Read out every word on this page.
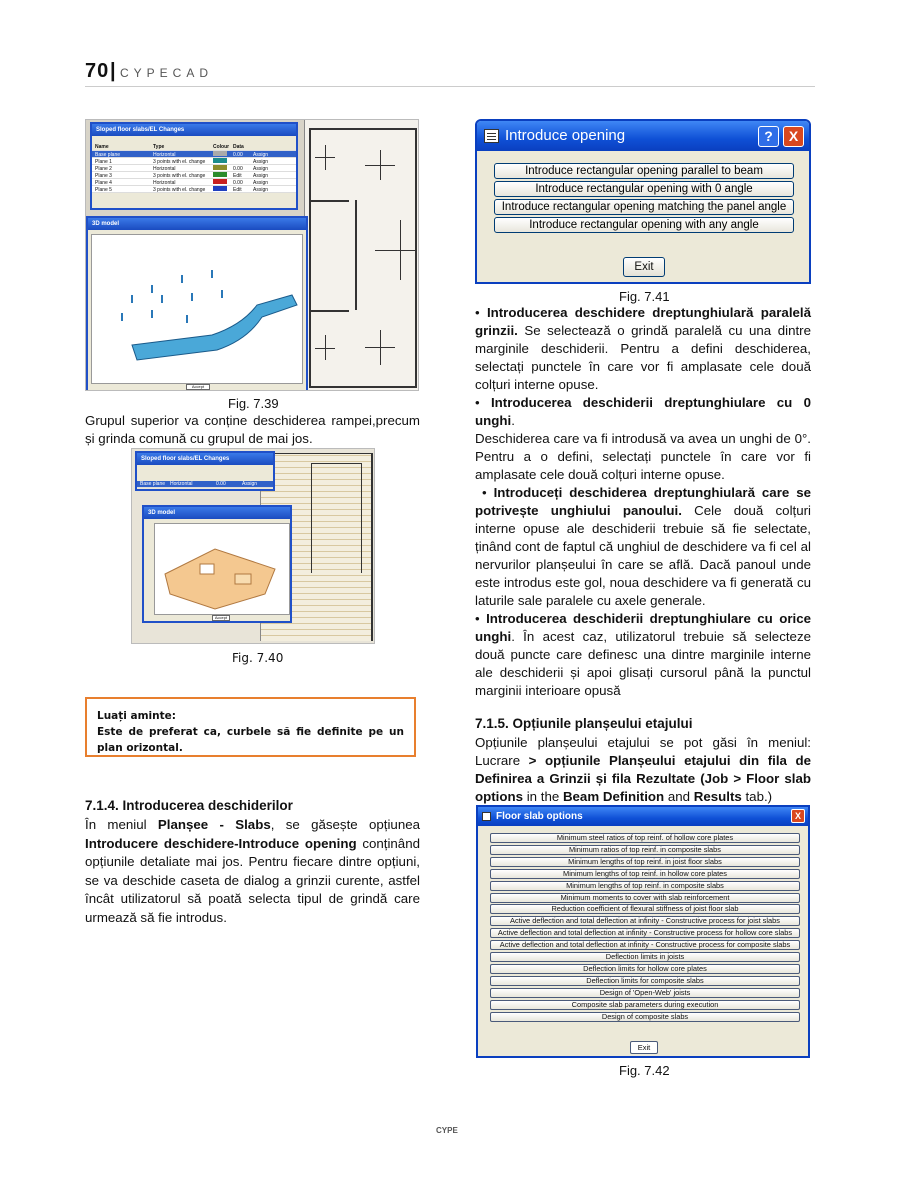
70 | CYPECAD
Sloped floor slabs/EL Changes
Name	Type	Colour Data
Base plane	Horizontal	0.00 Assign
Plane 1	3 points with el. change	Assign
Plane 2	Horizontal	0.00 Assign
Plane 3	3 points with el. change	Edit Assign
Plane 4	Horizontal	0.00 Assign
Plane 5	3 points with el. change	Edit Assign
3D model
Accept
Fig. 7.39

Grupul superior va conține deschiderea rampei,precum și grinda comună cu grupul de mai jos.

Sloped floor slabs/EL Changes
Base plane Horizontal	0.00	Assign
3D model
Accept
Fig. 7.40
Luați aminte:
Este de preferat ca, curbele să fie definite pe un plan orizontal.
7.1.4. Introducerea deschiderilor

În meniul Planșee - Slabs, se găsește opțiunea Introducere deschidere-Introduce opening conținând opțiunile detaliate mai jos. Pentru fiecare dintre opțiuni, se va deschide caseta de dialog a grinzii curente, astfel încât utilizatorul să poată selecta tipul de grindă care urmează să fie introdus.

Introduce opening	?	X
Introduce rectangular opening parallel to beam
Introduce rectangular opening with 0 angle
Introduce rectangular opening matching the panel angle
Introduce rectangular opening with any angle
Exit
Fig. 7.41

• Introducerea deschidere dreptunghiulară paralelă grinzii. Se selectează o grindă paralelă cu una dintre marginile deschiderii. Pentru a defini deschiderea, selectați punctele în care vor fi amplasate cele două colțuri interne opuse.

• Introducerea deschiderii dreptunghiulare cu 0 unghi.

Deschiderea care va fi introdusă va avea un unghi de 0°. Pentru a o defini, selectați punctele în care vor fi amplasate cele două colțuri interne opuse.

• Introduceți deschiderea dreptunghiulară care se potrivește unghiului panoului. Cele două colțuri interne opuse ale deschiderii trebuie să fie selectate, ținând cont de faptul că unghiul de deschidere va fi cel al nervurilor planșeului în care se află. Dacă panoul unde este introdus este gol, noua deschidere va fi generată cu laturile sale paralele cu axele generale.

• Introducerea deschiderii dreptunghiulare cu orice unghi. În acest caz, utilizatorul trebuie să selecteze două puncte care definesc una dintre marginile interne ale deschiderii și apoi glisați cursorul până la punctul marginii interioare opusă

7.1.5. Opțiunile planșeului etajului

Opțiunile planșeului etajului se pot găsi în meniul: Lucrare > opțiunile Planșeului etajului din fila de Definirea a Grinzii și fila Rezultate (Job > Floor slab options in the Beam Definition and Results tab.)

Floor slab options	X
Minimum steel ratios of top reinf. of hollow core plates
Minimum ratios of top reinf. in composite slabs
Minimum lengths of top reinf. in joist floor slabs
Minimum lengths of top reinf. in hollow core plates
Minimum lengths of top reinf. in composite slabs
Minimum moments to cover with slab reinforcement
Reduction coefficient of flexural stiffness of joist floor slab
Active deflection and total deflection at infinity - Constructive process for joist slabs
Active deflection and total deflection at infinity - Constructive process for hollow core slabs
Active deflection and total deflection at infinity - Constructive process for composite slabs
Deflection limits in joists
Deflection limits for hollow core plates
Deflection limits for composite slabs
Design of 'Open-Web' joists
Composite slab parameters during execution
Design of composite slabs
Exit
Fig. 7.42
CYPE
